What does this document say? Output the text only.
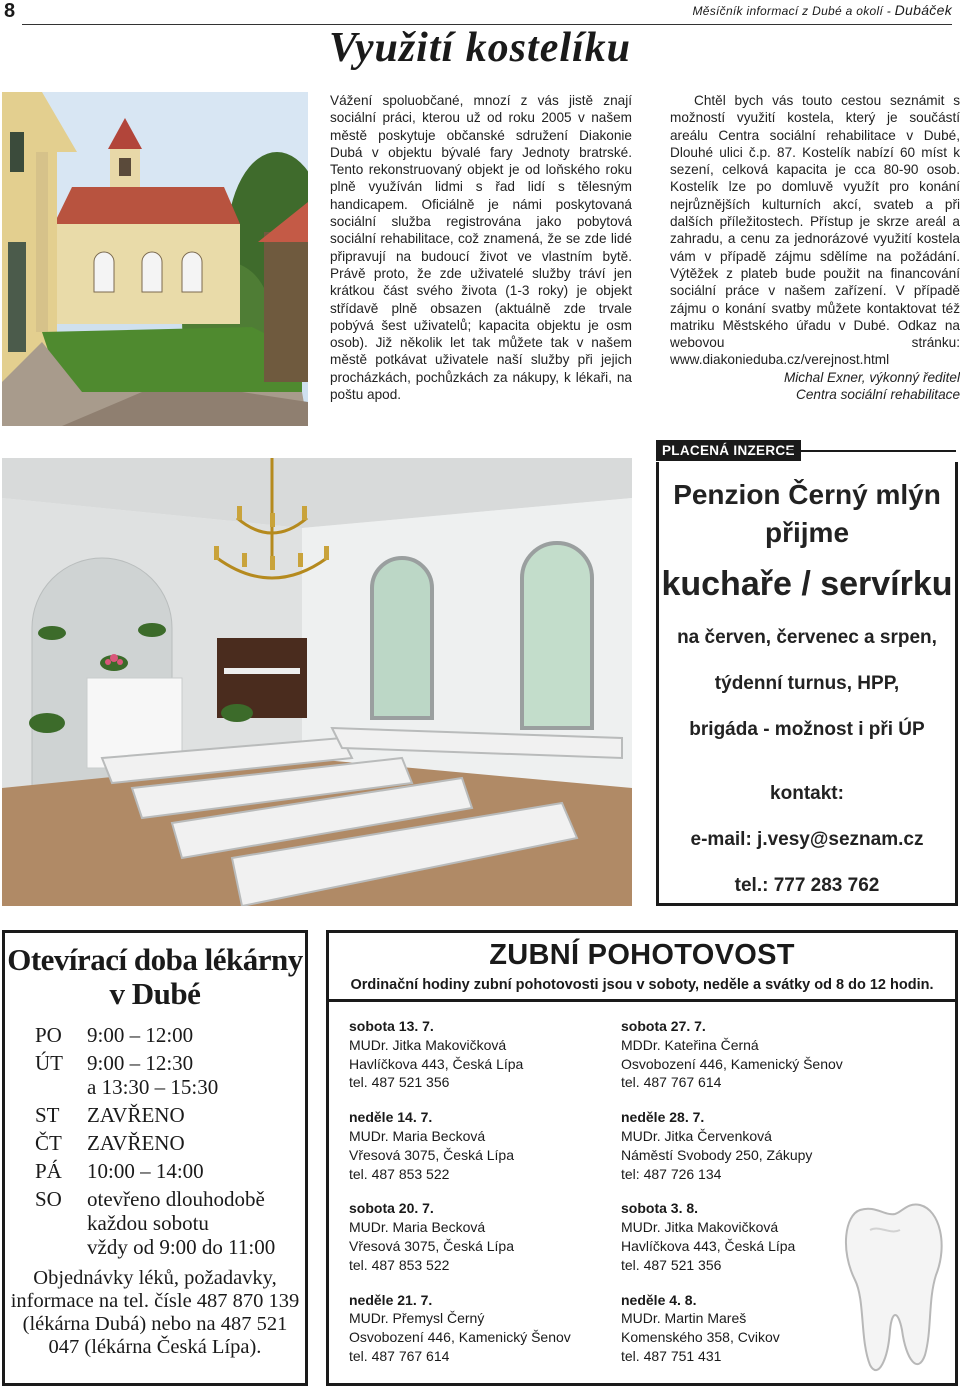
8	Měsíčník informací z Dubé a okolí - Dubáček
Využití kostelíku

Vážení spoluobčané, mnozí z vás jistě znají sociální práci, kterou už od roku 2005 v našem městě poskytuje občanské sdružení Diakonie Dubá v objektu bývalé fary Jednoty bratrské. Tento rekonstruovaný objekt je od loňského roku plně využíván lidmi s řad lidí s tělesným handicapem. Oficiálně je námi poskytovaná sociální služba registrována jako pobytová sociální rehabilitace, což znamená, že se zde lidé připravují na budoucí život ve vlastním bytě. Právě proto, že zde uživatelé služby tráví jen krátkou část svého života (1-3 roky) je objekt střídavě plně obsazen (aktuálně zde trvale pobývá šest uživatelů; kapacita objektu je osm osob). Již několik let tak můžete tak v našem městě potkávat uživatele naší služby při jejich procházkách, pochůzkách za nákupy, k lékaři, na poštu apod.

Chtěl bych vás touto cestou seznámit s možností využití kostela, který je součástí areálu Centra sociální rehabilitace v Dubé, Dlouhé ulici č.p. 87. Kostelík nabízí 60 míst k sezení, celková kapacita je cca 80-90 osob. Kostelík lze po domluvě využít pro konání nejrůznějších kulturních akcí, svateb a při dalších příležitostech. Přístup je skrze areál a zahradu, a cenu za jednorázové využití kostela vám v případě zájmu sdělíme na požádání. Výtěžek z plateb bude použit na financování sociální práce v našem zařízení. V případě zájmu o konání svatby můžete kontaktovat též matriku Městského úřadu v Dubé. Odkaz na webovou stránku: www.diakonieduba.cz/verejnost.html

Michal Exner, výkonný ředitel

Centra sociální rehabilitace

PLACENÁ INZERCE
Penzion Černý mlýn
přijme
kuchaře / servírku
na červen, červenec a srpen,
týdenní turnus, HPP,
brigáda - možnost i při ÚP
kontakt:
e-mail: j.vesy@seznam.cz
tel.: 777 283 762
Otevírací doba lékárny
v Dubé
PO	9:00 – 12:00
ÚT	9:00 – 12:30
a 13:30 – 15:30
ST	ZAVŘENO
ČT	ZAVŘENO
PÁ	10:00 – 14:00
SO	otevřeno dlouhodobě
každou sobotu
vždy od 9:00 do 11:00
Objednávky léků, požadavky, informace na tel. čísle 487 870 139 (lékárna Dubá) nebo na 487 521 047 (lékárna Česká Lípa).
ZUBNÍ POHOTOVOST
Ordinační hodiny zubní pohotovosti jsou v soboty, neděle a svátky od 8 do 12 hodin.
sobota 13. 7.
MUDr. Jitka Makovičková
Havlíčkova 443, Česká Lípa
tel. 487 521 356
sobota 27. 7.
MDDr. Kateřina Černá
Osvobození 446, Kamenický Šenov
tel. 487 767 614
neděle 14. 7.
MUDr. Maria Becková
Vřesová 3075, Česká Lípa
tel. 487 853 522
neděle 28. 7.
MUDr. Jitka Červenková
Náměstí Svobody 250, Zákupy
tel: 487 726 134
sobota 20. 7.
MUDr. Maria Becková
Vřesová 3075, Česká Lípa
tel. 487 853 522
sobota 3. 8.
MUDr. Jitka Makovičková
Havlíčkova 443, Česká Lípa
tel. 487 521 356
neděle 21. 7.
MUDr. Přemysl Černý
Osvobození 446, Kamenický Šenov
tel. 487 767 614
neděle 4. 8.
MUDr. Martin Mareš
Komenského 358, Cvikov
tel. 487 751 431
